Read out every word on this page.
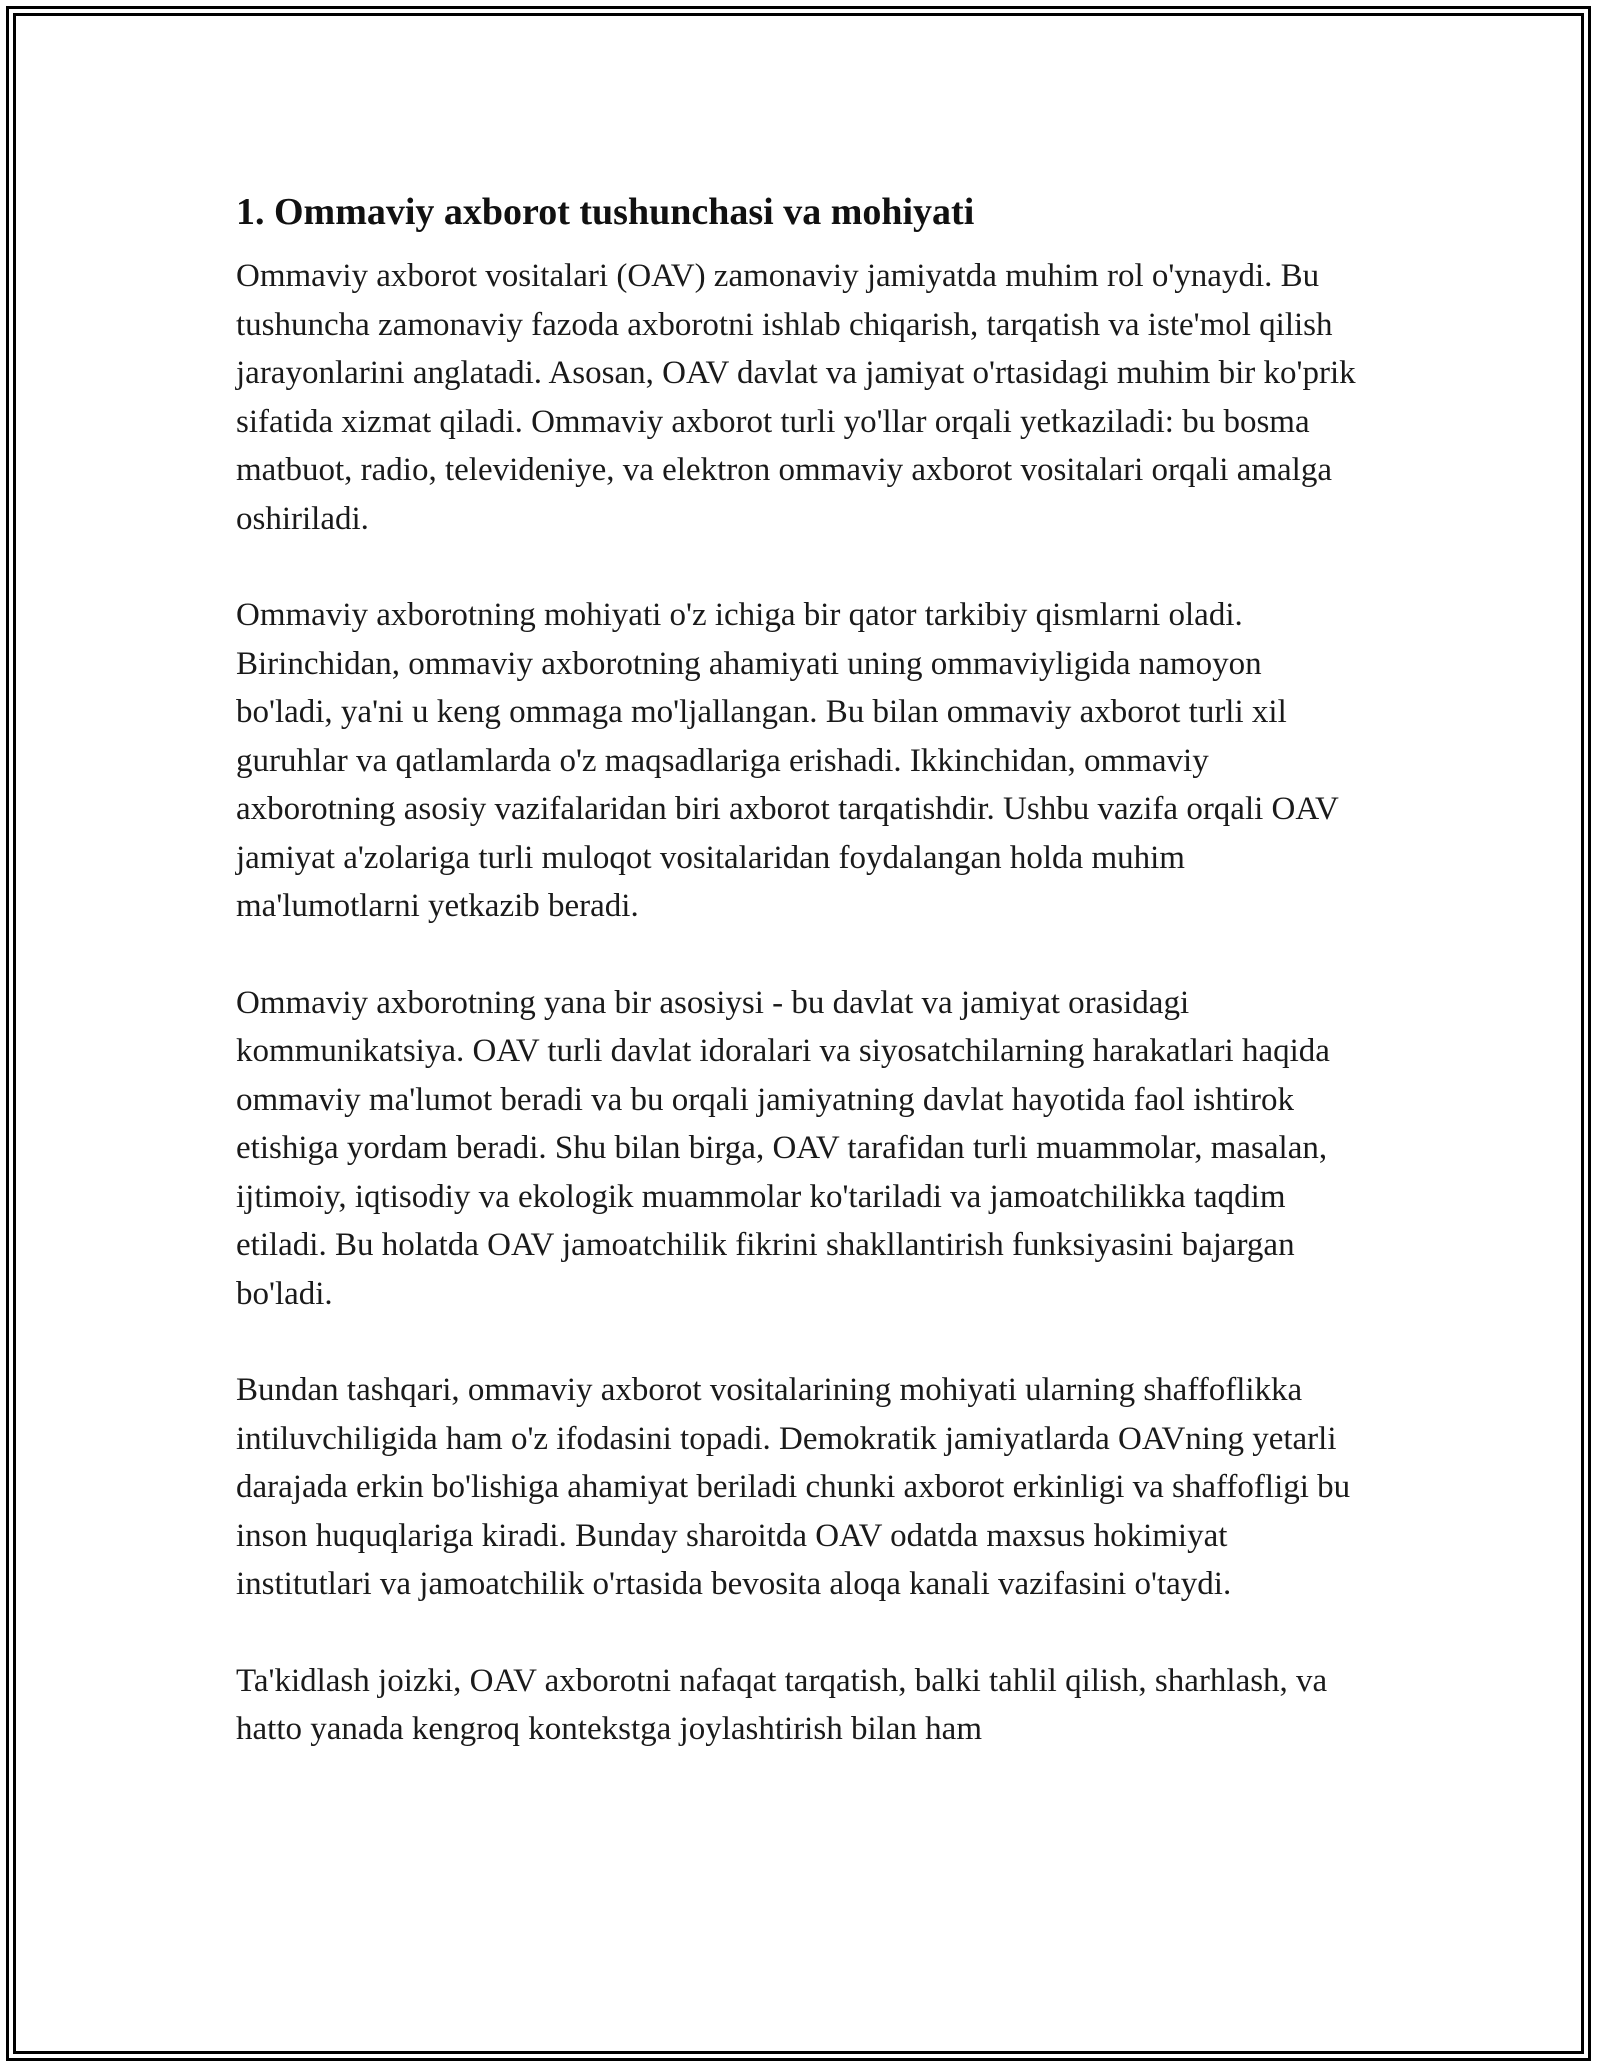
1. Ommaviy axborot tushunchasi va mohiyati

Ommaviy axborot vositalari (OAV) zamonaviy jamiyatda muhim rol o'ynaydi. Bu tushuncha zamonaviy fazoda axborotni ishlab chiqarish, tarqatish va iste'mol qilish jarayonlarini anglatadi. Asosan, OAV davlat va jamiyat o'rtasidagi muhim bir ko'prik sifatida xizmat qiladi. Ommaviy axborot turli yo'llar orqali yetkaziladi: bu bosma matbuot, radio, televideniye, va elektron ommaviy axborot vositalari orqali amalga oshiriladi.

Ommaviy axborotning mohiyati o'z ichiga bir qator tarkibiy qismlarni oladi. Birinchidan, ommaviy axborotning ahamiyati uning ommaviyligida namoyon bo'ladi, ya'ni u keng ommaga mo'ljallangan. Bu bilan ommaviy axborot turli xil guruhlar va qatlamlarda o'z maqsadlariga erishadi. Ikkinchidan, ommaviy axborotning asosiy vazifalaridan biri axborot tarqatishdir. Ushbu vazifa orqali OAV jamiyat a'zolariga turli muloqot vositalaridan foydalangan holda muhim ma'lumotlarni yetkazib beradi.

Ommaviy axborotning yana bir asosiysi - bu davlat va jamiyat orasidagi kommunikatsiya. OAV turli davlat idoralari va siyosatchilarning harakatlari haqida ommaviy ma'lumot beradi va bu orqali jamiyatning davlat hayotida faol ishtirok etishiga yordam beradi. Shu bilan birga, OAV tarafidan turli muammolar, masalan, ijtimoiy, iqtisodiy va ekologik muammolar ko'tariladi va jamoatchilikka taqdim etiladi. Bu holatda OAV jamoatchilik fikrini shakllantirish funksiyasini bajargan bo'ladi.

Bundan tashqari, ommaviy axborot vositalarining mohiyati ularning shaffoflikka intiluvchiligida ham o'z ifodasini topadi. Demokratik jamiyatlarda OAVning yetarli darajada erkin bo'lishiga ahamiyat beriladi chunki axborot erkinligi va shaffofligi bu inson huquqlariga kiradi. Bunday sharoitda OAV odatda maxsus hokimiyat institutlari va jamoatchilik o'rtasida bevosita aloqa kanali vazifasini o'taydi.

Ta'kidlash joizki, OAV axborotni nafaqat tarqatish, balki tahlil qilish, sharhlash, va hatto yanada kengroq kontekstga joylashtirish bilan ham
